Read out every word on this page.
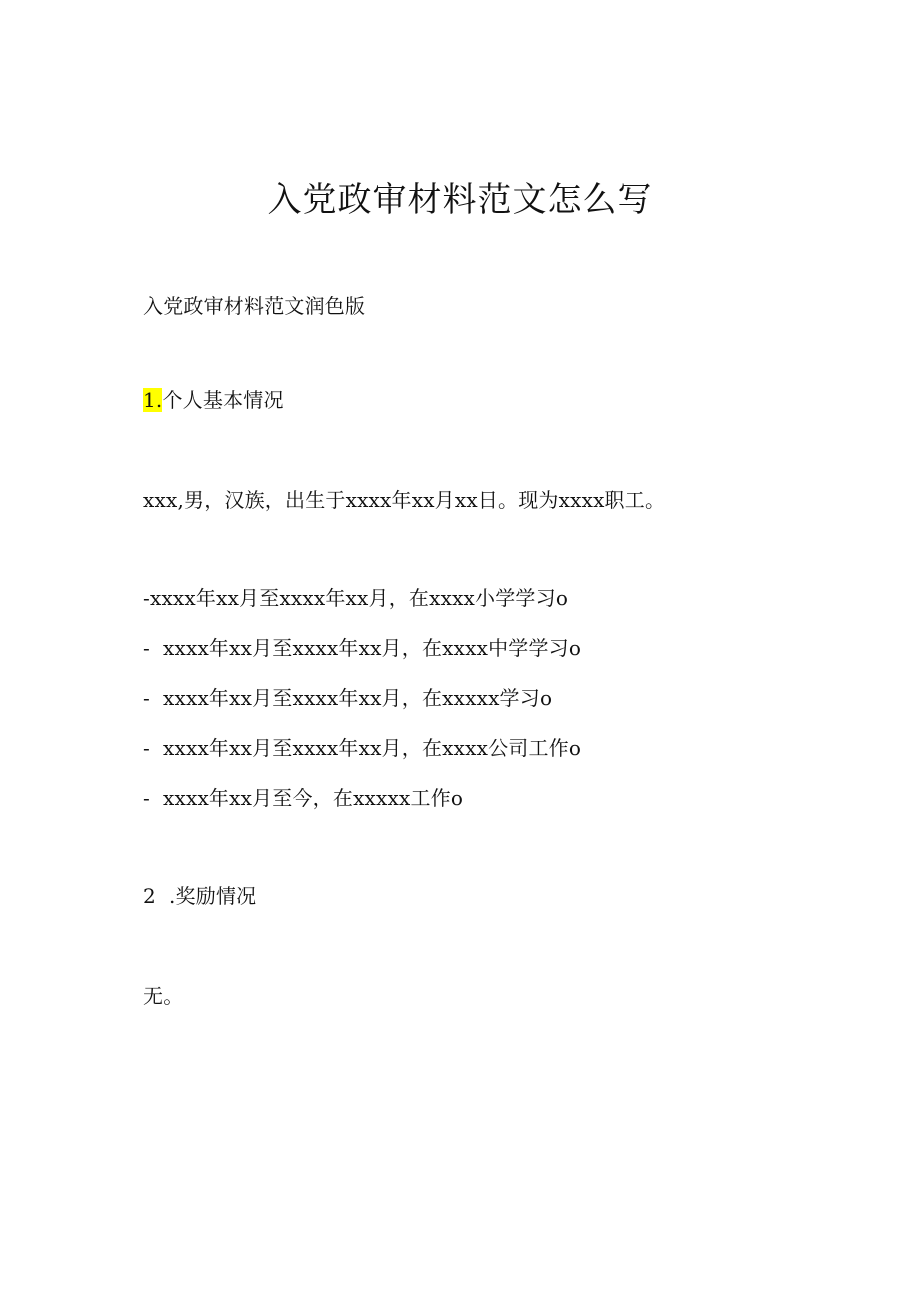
入党政审材料范文怎么写
入党政审材料范文润色版
1.个人基本情况
xxx,男，汉族，出生于xxxx年xx月xx日。现为xxxx职工。
-xxxx年xx月至xxxx年xx月，在xxxx小学学习o
- xxxx年xx月至xxxx年xx月，在xxxx中学学习o
- xxxx年xx月至xxxx年xx月，在xxxxx学习o
- xxxx年xx月至xxxx年xx月，在xxxx公司工作o
- xxxx年xx月至今，在xxxxx工作o
2 .奖励情况
无。
